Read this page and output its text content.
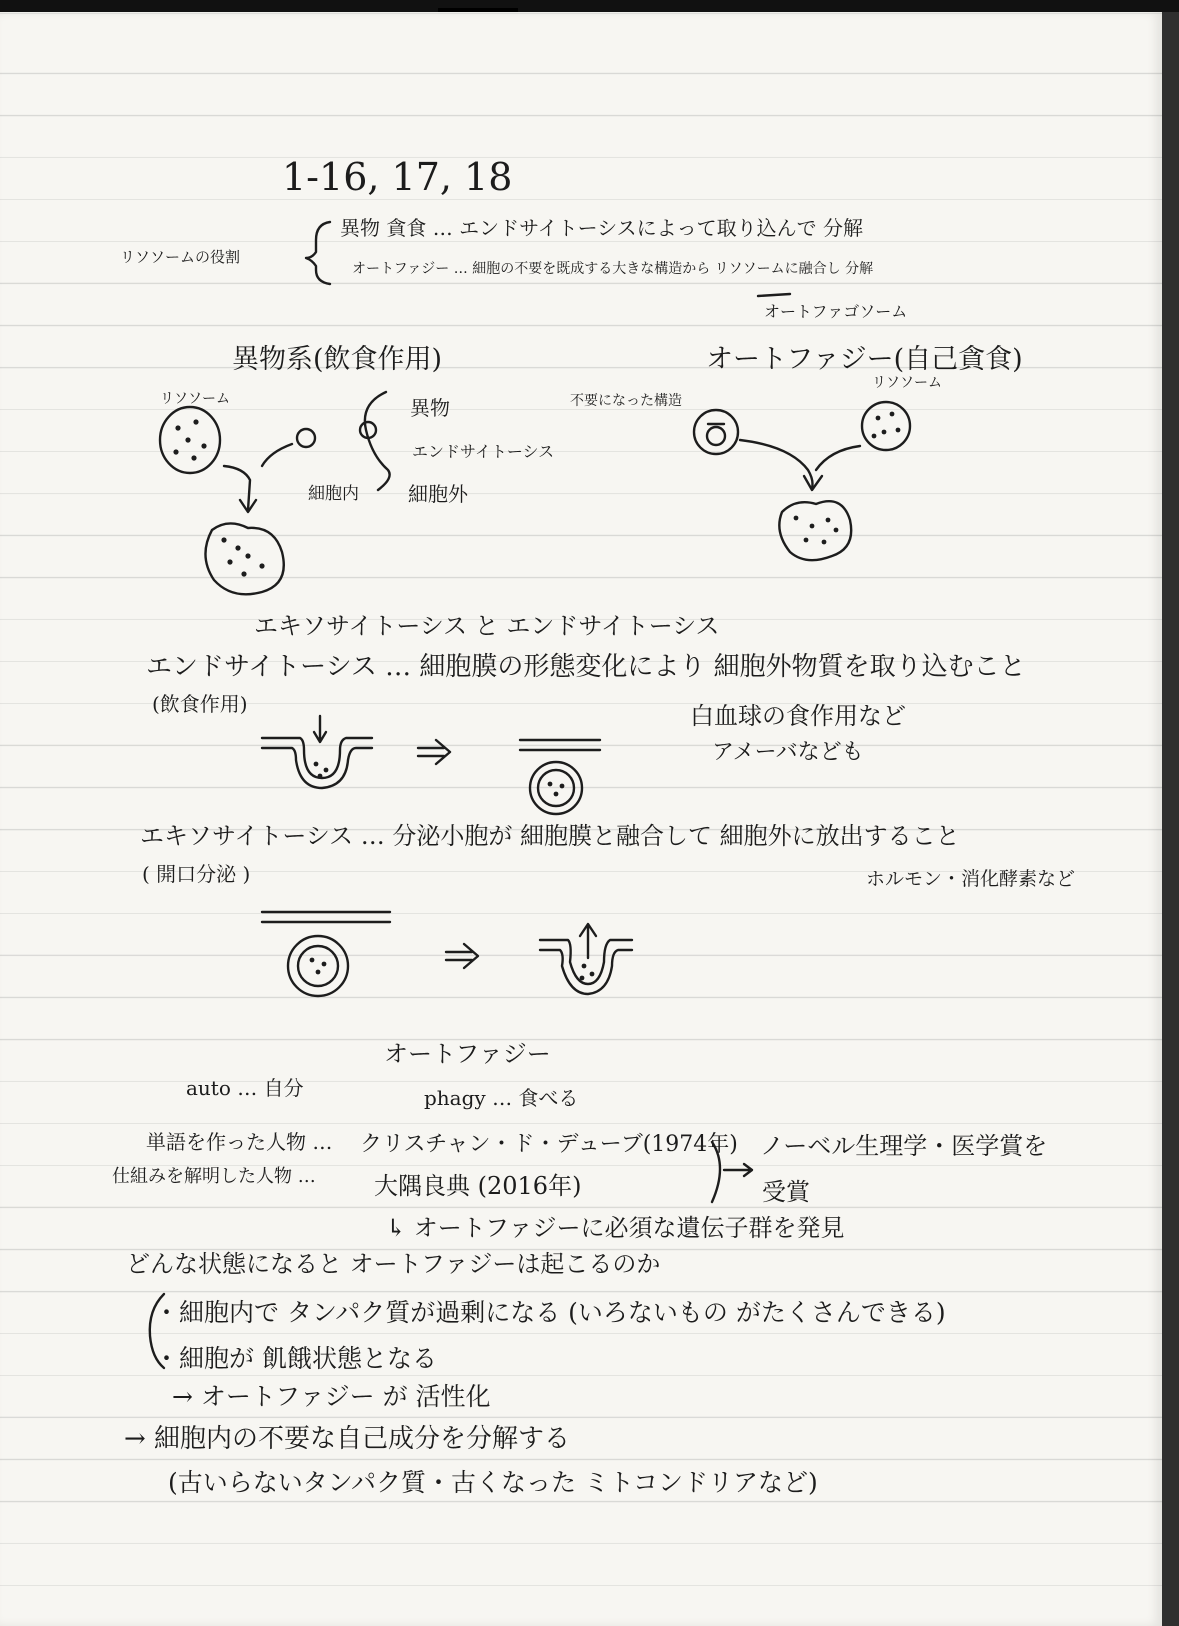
1-16, 17, 18
リソソームの役割
異物 貪食 … エンドサイトーシスによって取り込んで 分解
オートファジー … 細胞の不要を既成する大きな構造から リソソームに融合し 分解
オートファゴソーム
異物系(飲食作用)	オートファジー(自己貪食)
リソソーム	異物
エンドサイトーシス
細胞内 細胞外
不要になった構造
リソソーム
エキソサイトーシス と エンドサイトーシス
エンドサイトーシス … 細胞膜の形態変化により 細胞外物質を取り込むこと
(飲食作用)	白血球の食作用など
アメーバなども
エキソサイトーシス … 分泌小胞が 細胞膜と融合して 細胞外に放出すること
( 開口分泌 )	ホルモン・消化酵素など
オートファジー
auto … 自分	phagy … 食べる
単語を作った人物 … クリスチャン・ド・デューブ(1974年)
仕組みを解明した人物 … 大隅良典 (2016年)
ノーベル生理学・医学賞を
受賞
↳ オートファジーに必須な遺伝子群を発見
どんな状態になると オートファジーは起こるのか
・細胞内で タンパク質が過剰になる (いろないもの がたくさんできる)
・細胞が 飢餓状態となる
→ オートファジー が 活性化
→ 細胞内の不要な自己成分を分解する
(古いらないタンパク質・古くなった ミトコンドリアなど)
